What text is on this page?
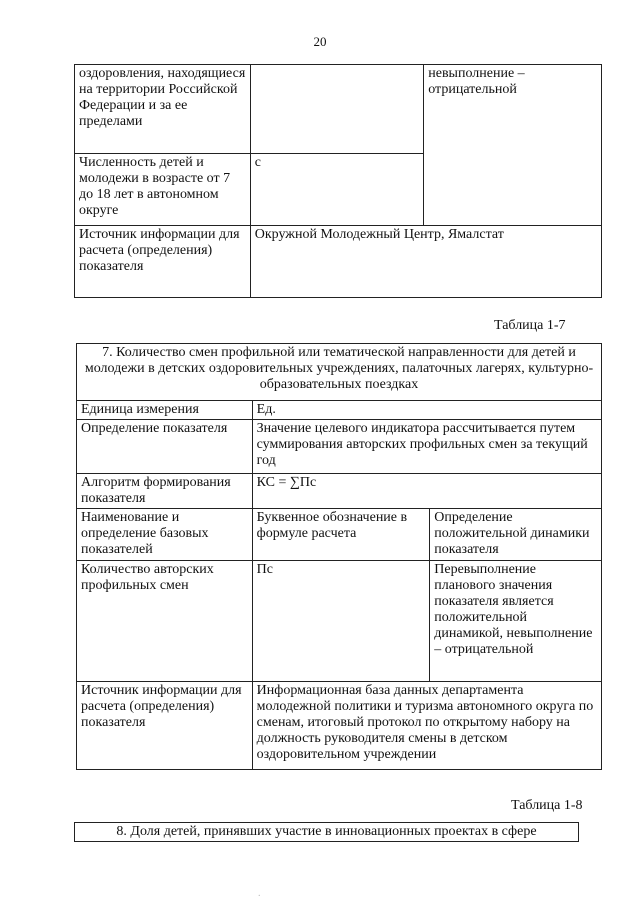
20
оздоровления, находящиеся на территории Российской Федерации и за ее пределами		невыполнение – отрицательной
Численность детей и молодежи в возрасте от 7 до 18 лет в автономном округе	с	
Источник информации для расчета (определения) показателя	Окружной Молодежный Центр, Ямалстат	
Таблица 1-7
7. Количество смен профильной или тематической направленности для детей и молодежи в детских оздоровительных учреждениях, палаточных лагерях, культурно-образовательных поездках		
Единица измерения	Ед.	
Определение показателя	Значение целевого индикатора рассчитывается путем суммирования авторских профильных смен за текущий год	
Алгоритм формирования показателя	КС = ∑Пс	
Наименование и определение базовых показателей	Буквенное обозначение в формуле расчета	Определение положительной динамики показателя
Количество авторских профильных смен	Пс	Перевыполнение планового значения показателя является положительной динамикой, невыполнение – отрицательной
Источник информации для расчета (определения) показателя	Информационная база данных департамента молодежной политики и туризма автономного округа по сменам, итоговый протокол по открытому набору на должность руководителя смены в детском оздоровительном учреждении	
Таблица 1-8
8. Доля детей, принявших участие в инновационных проектах в сфере
.
